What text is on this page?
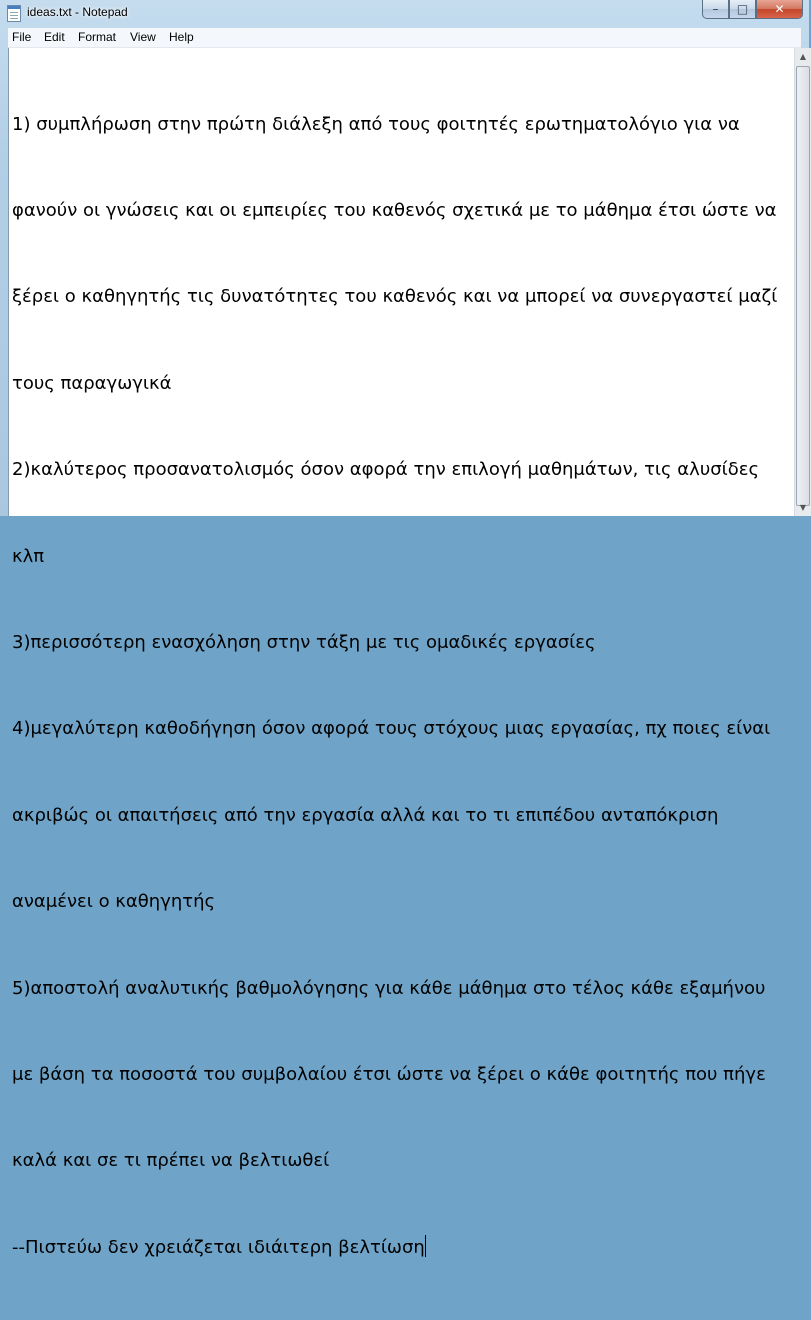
ideas.txt - Notepad	–	□	✕
File Edit Format View Help

1) συμπλήρωση στην πρώτη διάλεξη από τους φοιτητές ερωτηματολόγιο για να

φανούν οι γνώσεις και οι εμπειρίες του καθενός σχετικά με το μάθημα έτσι ώστε να

ξέρει ο καθηγητής τις δυνατότητες του καθενός και να μπορεί να συνεργαστεί μαζί

τους παραγωγικά

2)καλύτερος προσανατολισμός όσον αφορά την επιλογή μαθημάτων, τις αλυσίδες

κλπ

3)περισσότερη ενασχόληση στην τάξη με τις ομαδικές εργασίες

4)μεγαλύτερη καθοδήγηση όσον αφορά τους στόχους μιας εργασίας, πχ ποιες είναι

ακριβώς οι απαιτήσεις από την εργασία αλλά και το τι επιπέδου ανταπόκριση

αναμένει ο καθηγητής

5)αποστολή αναλυτικής βαθμολόγησης για κάθε μάθημα στο τέλος κάθε εξαμήνου

με βάση τα ποσοστά του συμβολαίου έτσι ώστε να ξέρει ο κάθε φοιτητής που πήγε

καλά και σε τι πρέπει να βελτιωθεί

--Πιστεύω δεν χρειάζεται ιδιάιτερη βελτίωση

▲
▼
